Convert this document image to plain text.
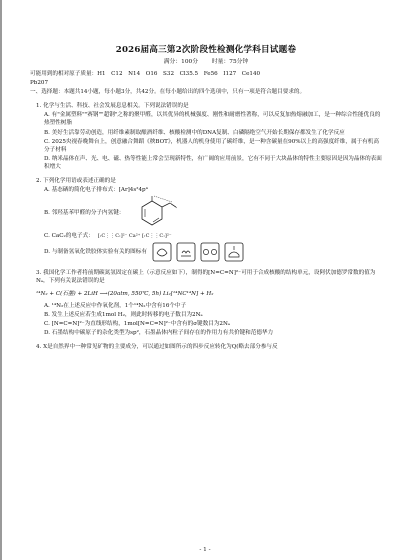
2026届高三第2次阶段性检测化学科目试题卷
满分：100分 时量：75分钟
可能用到的相对原子质量：H1　C12　N14　O16　S32　Cl35.5　Fe56　I127　Ce140
Pb207
一、选择题：本题共14小题，每小题3分，共42分。在每小题给出的四个选项中，只有一项是符合题目要求的。
1. 化学与生活、科技、社会发展息息相关。下列说法错误的是
A. 有"金属塑料""赛钢""超钢"之称的聚甲醛，以其优异的机械强度、刚性和耐磨性著称，可以反复加热熔融加工，是一种综合性能优良的热塑性树脂
B. 美好生活靠劳动创造，用纤维素制取酿酒纤维、核酸检测中的DNA复制、白磷隔绝空气开始长期保存都发生了化学反应
C. 2025央视春晚舞台上，创意融合舞蹈《秧BOT》，机器人的机身使用了碳纤维，是一种含碳量在90%以上的高强度纤维，属于有机高分子材料
D. 纳米晶体在声、光、电、磁、热等性能上常会呈现新特性，有广阔的应用前景，它有不同于大块晶体的特性主要原因是因为晶体的表面积增大
2. 下列化学用语或表述正确的是
A. 基态硒的简化电子排布式：[Ar]4s²4p⁴
B. 邻羟基苯甲醛的分子内氢键：
C. CaC₂的电子式： [:C⋮⋮C:]²⁻ Ca²⁺ [:C⋮⋮C:]²⁻
D. 与制备氢氧化铁胶体实验有关的图标有
3. 我国化学工作者将前期碳氮氢固定在碳上（示意反应如下），制得的[N=C=N]²⁻可用于合成核酸的结构单元，设阿伏加德罗常数的值为Nₐ，下列有关说法错误的是
¹⁴N₂ + C(石墨) + 2LiH ⟶(20atm, 550℃, 5h) Li₂[¹⁴NC¹⁴N] + H₂
A. ¹⁴N₂在上述反应中作氧化剂，1个¹⁴N₂中含有16个中子
B. 发生上述反应若生成1mol H₂，则此时转移的电子数目为2Nₐ
C. [N=C=N]²⁻为直线形结构，1mol[N=C=N]²⁻中含有的σ键数目为2Nₐ
D. 石墨结构中碳原子的杂化类型为sp²，石墨晶体内粒子间存在的作用力有共价键和范德华力
4. X是自然界中一种常见矿物的主要成分，可以通过如图所示的四步反应转化为Q(略去部分参与反
- 1 -
